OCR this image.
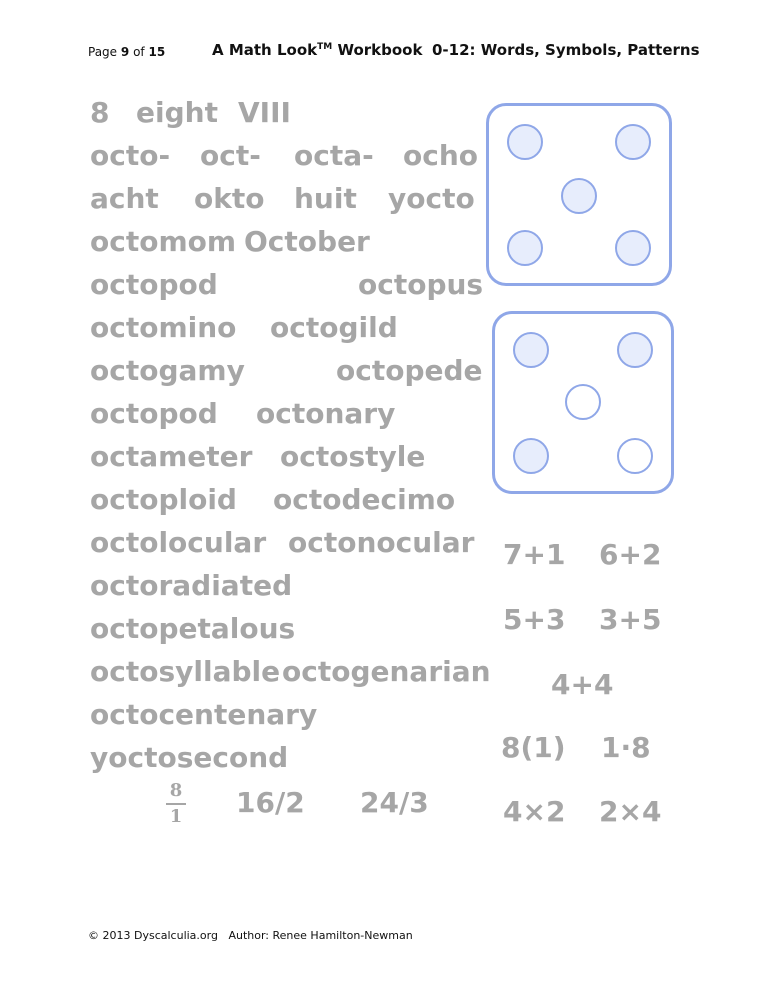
Page 9 of 15	A Math Look™ Workbook 0-12: Words, Symbols, Patterns
8 eight VIII
octo- oct- octa- ocho
acht okto huit yocto
octomom October
octopod	octopus
octomino octogild
octogamy	octopede
octopod octonary
octameter octostyle
octoploid octodecimo
octolocular octonocular
octoradiated
octopetalous
octosyllable octogenarian
octocentenary
yoctosecond
8
1 16/2 24/3
7+1 6+2
5+3 3+5
4+4
8(1) 1·8
4×2 2×4
© 2013 Dyscalculia.org Author: Renee Hamilton-Newman
